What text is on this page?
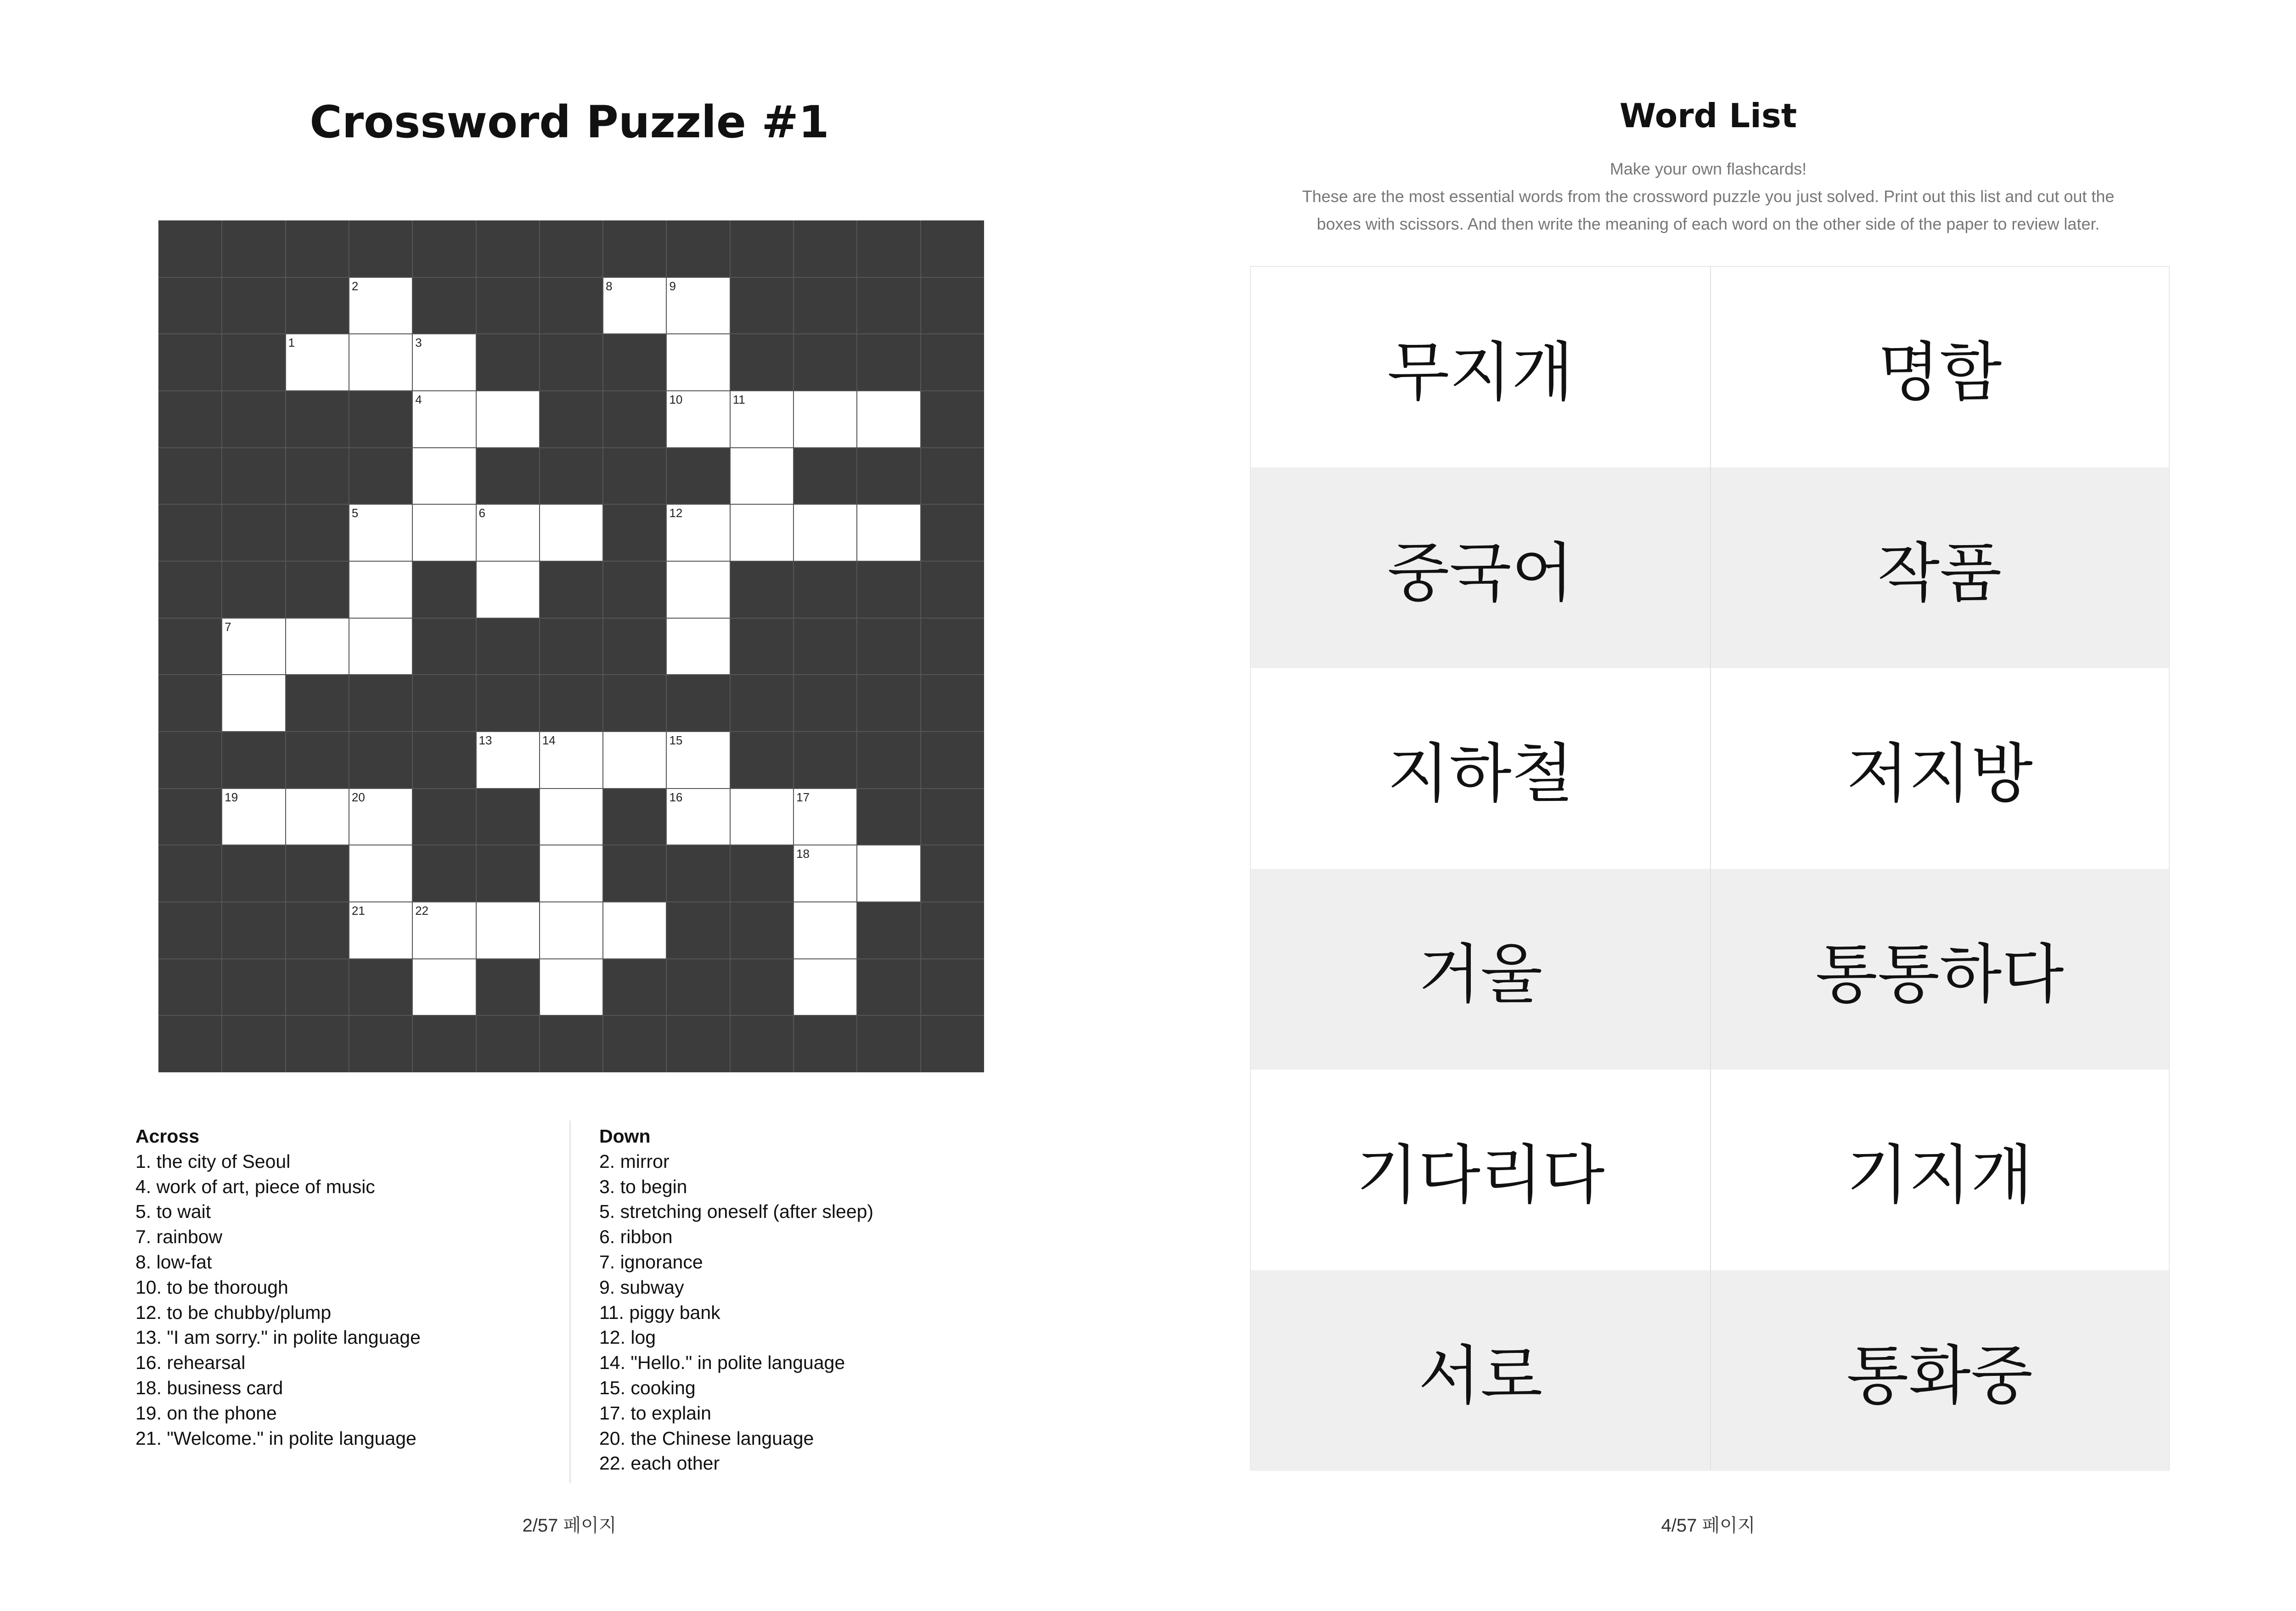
Crossword Puzzle #1
1
2
3
4
5	6
7
8	9
10	11
12
13	14	15
16	17
18
19	20
21	22
Across
1. the city of Seoul
4. work of art, piece of music
5. to wait
7. rainbow
8. low-fat
10. to be thorough
12. to be chubby/plump
13. "I am sorry." in polite language
16. rehearsal
18. business card
19. on the phone
21. "Welcome." in polite language
Down
2. mirror
3. to begin
5. stretching oneself (after sleep)
6. ribbon
7. ignorance
9. subway
11. piggy bank
12. log
14. "Hello." in polite language
15. cooking
17. to explain
20. the Chinese language
22. each other
2/57 페이지
Word List
Make your own flashcards!
These are the most essential words from the crossword puzzle you just solved. Print out this list and cut out the
boxes with scissors. And then write the meaning of each word on the other side of the paper to review later.
무지개	명함
중국어	작품
지하철	저지방
거울	통통하다
기다리다	기지개
서로	통화중
4/57 페이지
